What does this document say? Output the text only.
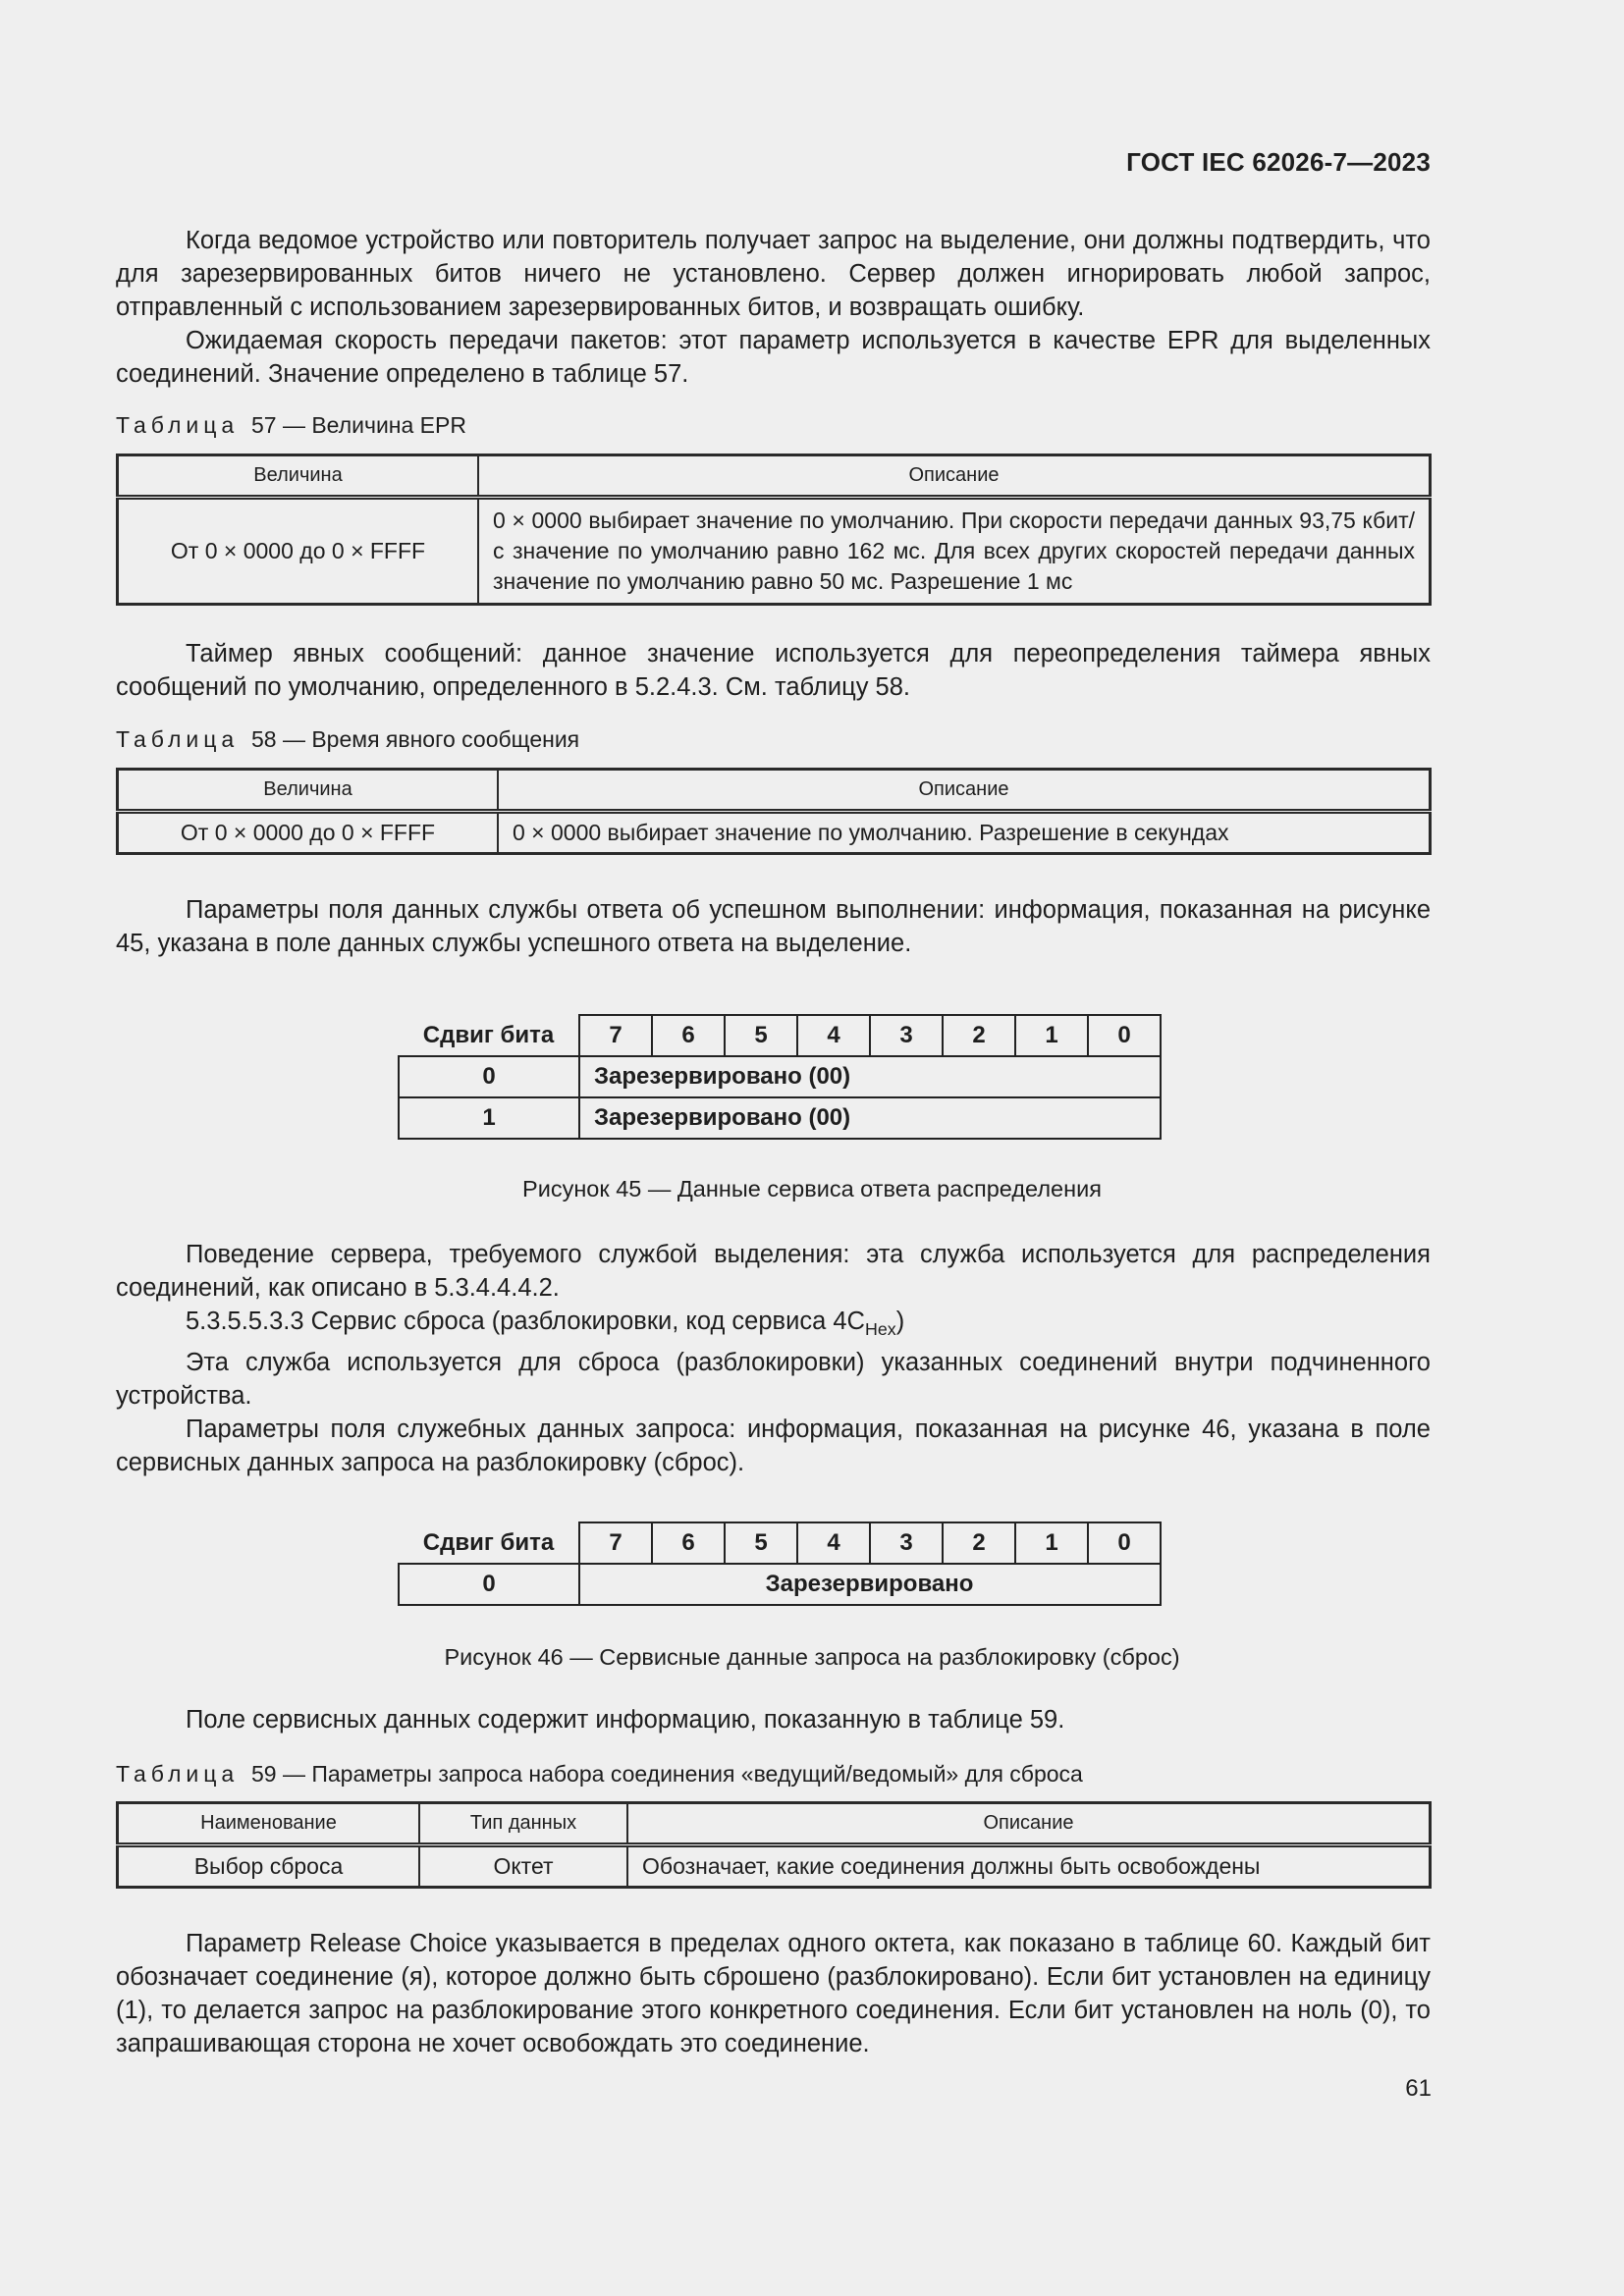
ГОСТ IEC 62026-7—2023

Когда ведомое устройство или повторитель получает запрос на выделение, они должны подтвердить, что для зарезервированных битов ничего не установлено. Сервер должен игнорировать любой запрос, отправленный с использованием зарезервированных битов, и возвращать ошибку.

Ожидаемая скорость передачи пакетов: этот параметр используется в качестве EPR для выделенных соединений. Значение определено в таблице 57.

Таблица 57 — Величина EPR
Величина	Описание
От 0 × 0000 до 0 × FFFF	0 × 0000 выбирает значение по умолчанию. При скорости передачи данных 93,75 кбит/с значение по умолчанию равно 162 мс. Для всех других скоростей передачи данных значение по умолчанию равно 50 мс. Разрешение 1 мс

Таймер явных сообщений: данное значение используется для переопределения таймера явных сообщений по умолчанию, определенного в 5.2.4.3. См. таблицу 58.

Таблица 58 — Время явного сообщения
Величина	Описание
От 0 × 0000 до 0 × FFFF	0 × 0000 выбирает значение по умолчанию. Разрешение в секундах

Параметры поля данных службы ответа об успешном выполнении: информация, показанная на рисунке 45, указана в поле данных службы успешного ответа на выделение.

Сдвиг бита	7	6	5	4	3	2	1	0
0	Зарезервировано (00)							
1	Зарезервировано (00)							
Рисунок 45 — Данные сервиса ответа распределения

Поведение сервера, требуемого службой выделения: эта служба используется для распределения соединений, как описано в 5.3.4.4.4.2.

5.3.5.5.3.3 Сервис сброса (разблокировки, код сервиса $4C_{Hex}$)

Эта служба используется для сброса (разблокировки) указанных соединений внутри подчиненного устройства.

Параметры поля служебных данных запроса: информация, показанная на рисунке 46, указана в поле сервисных данных запроса на разблокировку (сброс).

Сдвиг бита	7	6	5	4	3	2	1	0
0	Зарезервировано							
Рисунок 46 — Сервисные данные запроса на разблокировку (сброс)

Поле сервисных данных содержит информацию, показанную в таблице 59.

Таблица 59 — Параметры запроса набора соединения «ведущий/ведомый» для сброса
Наименование	Тип данных	Описание
Выбор сброса	Октет	Обозначает, какие соединения должны быть освобождены

Параметр Release Choice указывается в пределах одного октета, как показано в таблице 60. Каждый бит обозначает соединение (я), которое должно быть сброшено (разблокировано). Если бит установлен на единицу (1), то делается запрос на разблокирование этого конкретного соединения. Если бит установлен на ноль (0), то запрашивающая сторона не хочет освобождать это соединение.

61
